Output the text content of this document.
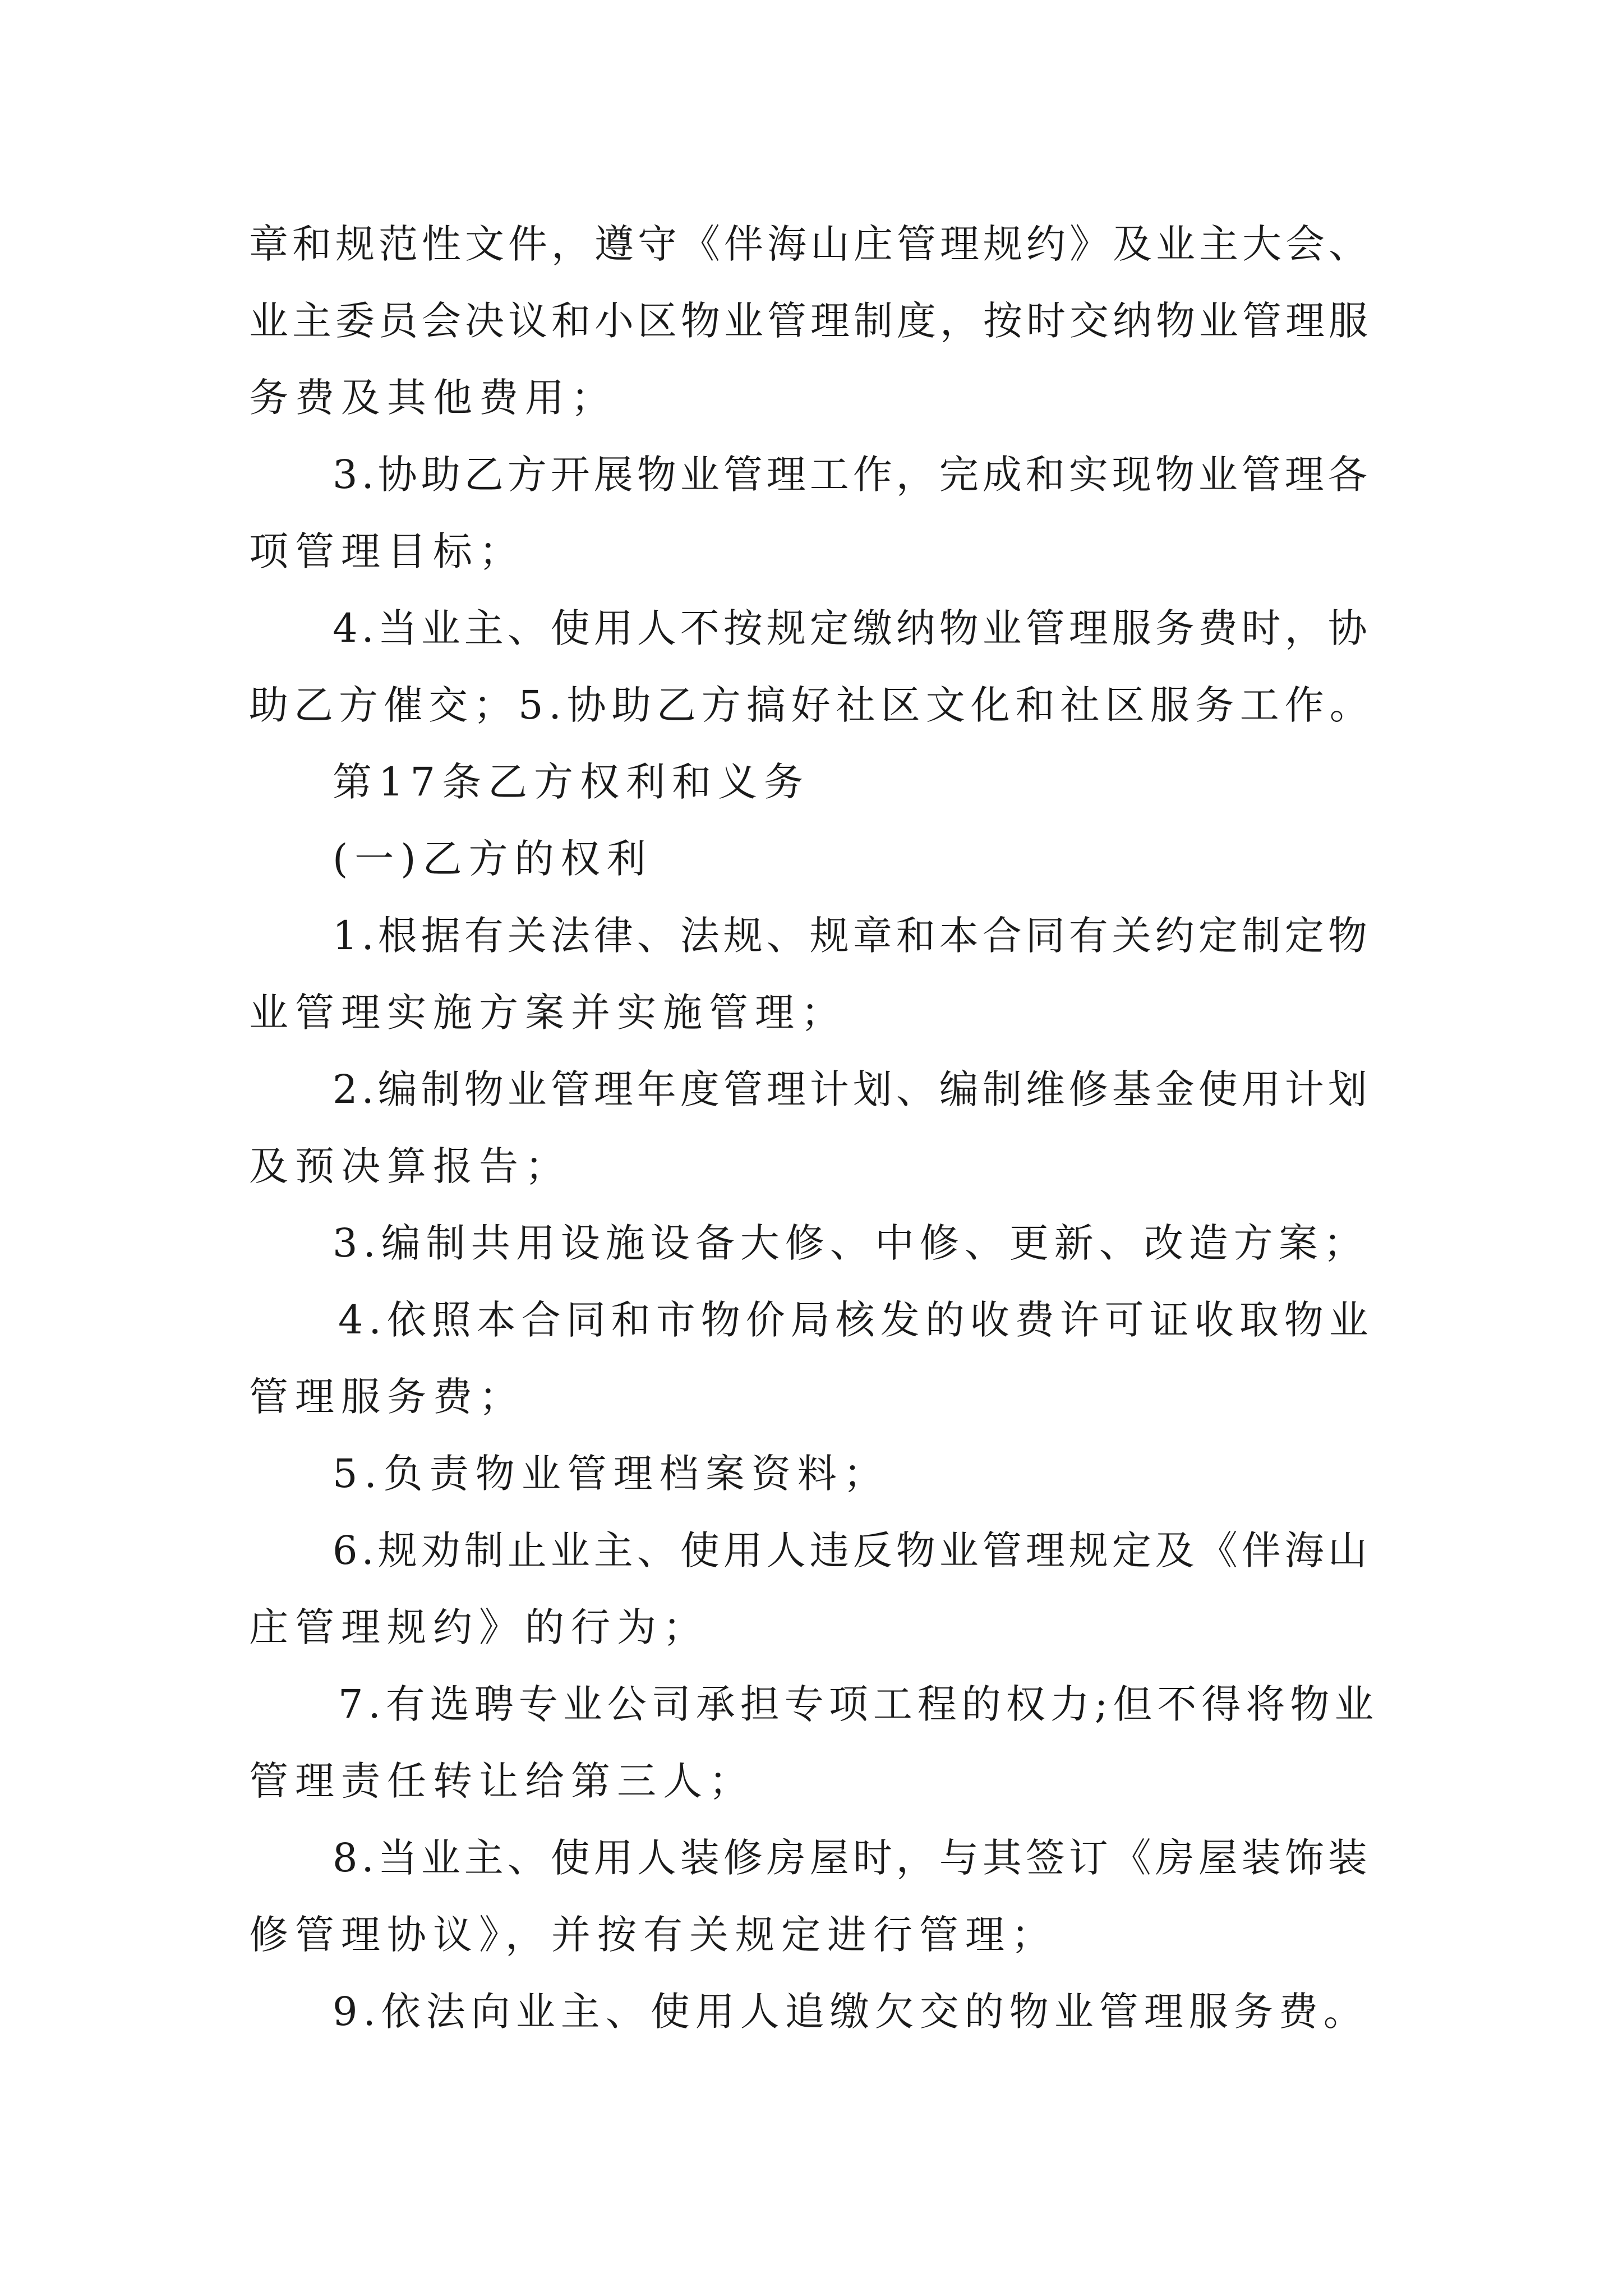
章和规范性文件，遵守《伴海山庄管理规约》及业主大会、
业主委员会决议和小区物业管理制度，按时交纳物业管理服
务费及其他费用；
3.协助乙方开展物业管理工作，完成和实现物业管理各
项管理目标；
4.当业主、使用人不按规定缴纳物业管理服务费时，协
助乙方催交；5.协助乙方搞好社区文化和社区服务工作。
第17条乙方权利和义务
(一)乙方的权利
1.根据有关法律、法规、规章和本合同有关约定制定物
业管理实施方案并实施管理；
2.编制物业管理年度管理计划、编制维修基金使用计划
及预决算报告；
3.编制共用设施设备大修、中修、更新、改造方案；
4.依照本合同和市物价局核发的收费许可证收取物业
管理服务费；
5.负责物业管理档案资料；
6.规劝制止业主、使用人违反物业管理规定及《伴海山
庄管理规约》的行为；
7.有选聘专业公司承担专项工程的权力;但不得将物业
管理责任转让给第三人；
8.当业主、使用人装修房屋时，与其签订《房屋装饰装
修管理协议》，并按有关规定进行管理；
9.依法向业主、使用人追缴欠交的物业管理服务费。
